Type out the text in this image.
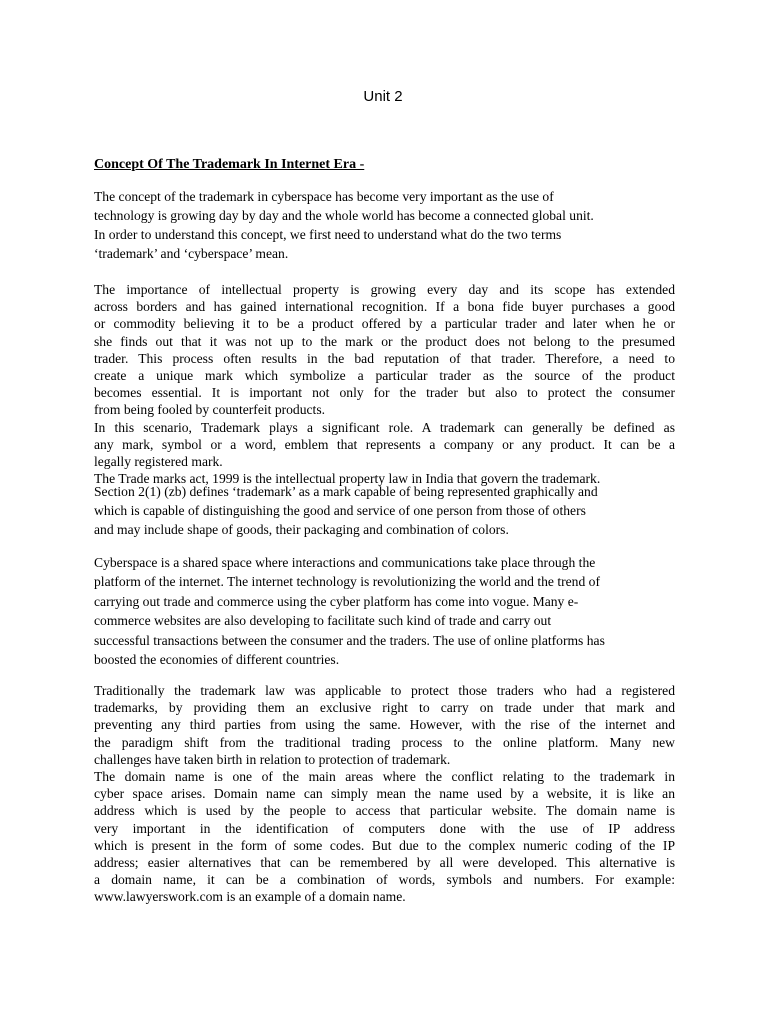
Unit 2
Concept Of The Trademark In Internet Era -
The concept of the trademark in cyberspace has become very important as the use of
technology is growing day by day and the whole world has become a connected global unit.
In order to understand this concept, we first need to understand what do the two terms
‘trademark’ and ‘cyberspace’ mean.
The importance of intellectual property is growing every day and its scope has extended
across borders and has gained international recognition. If a bona fide buyer purchases a good
or commodity believing it to be a product offered by a particular trader and later when he or
she finds out that it was not up to the mark or the product does not belong to the presumed
trader. This process often results in the bad reputation of that trader. Therefore, a need to
create a unique mark which symbolize a particular trader as the source of the product
becomes essential. It is important not only for the trader but also to protect the consumer
from being fooled by counterfeit products.
In this scenario, Trademark plays a significant role. A trademark can generally be defined as
any mark, symbol or a word, emblem that represents a company or any product. It can be a
legally registered mark.
The Trade marks act, 1999 is the intellectual property law in India that govern the trademark.
Section 2(1) (zb) defines ‘trademark’ as a mark capable of being represented graphically and
which is capable of distinguishing the good and service of one person from those of others
and may include shape of goods, their packaging and combination of colors.
Cyberspace is a shared space where interactions and communications take place through the
platform of the internet. The internet technology is revolutionizing the world and the trend of
carrying out trade and commerce using the cyber platform has come into vogue. Many e-
commerce websites are also developing to facilitate such kind of trade and carry out
successful transactions between the consumer and the traders. The use of online platforms has
boosted the economies of different countries.
Traditionally the trademark law was applicable to protect those traders who had a registered
trademarks, by providing them an exclusive right to carry on trade under that mark and
preventing any third parties from using the same. However, with the rise of the internet and
the paradigm shift from the traditional trading process to the online platform. Many new
challenges have taken birth in relation to protection of trademark.
The domain name is one of the main areas where the conflict relating to the trademark in
cyber space arises. Domain name can simply mean the name used by a website, it is like an
address which is used by the people to access that particular website. The domain name is
very important in the identification of computers done with the use of IP address
which is present in the form of some codes. But due to the complex numeric coding of the IP
address; easier alternatives that can be remembered by all were developed. This alternative is
a domain name, it can be a combination of words, symbols and numbers. For example:
www.lawyerswork.com is an example of a domain name.
